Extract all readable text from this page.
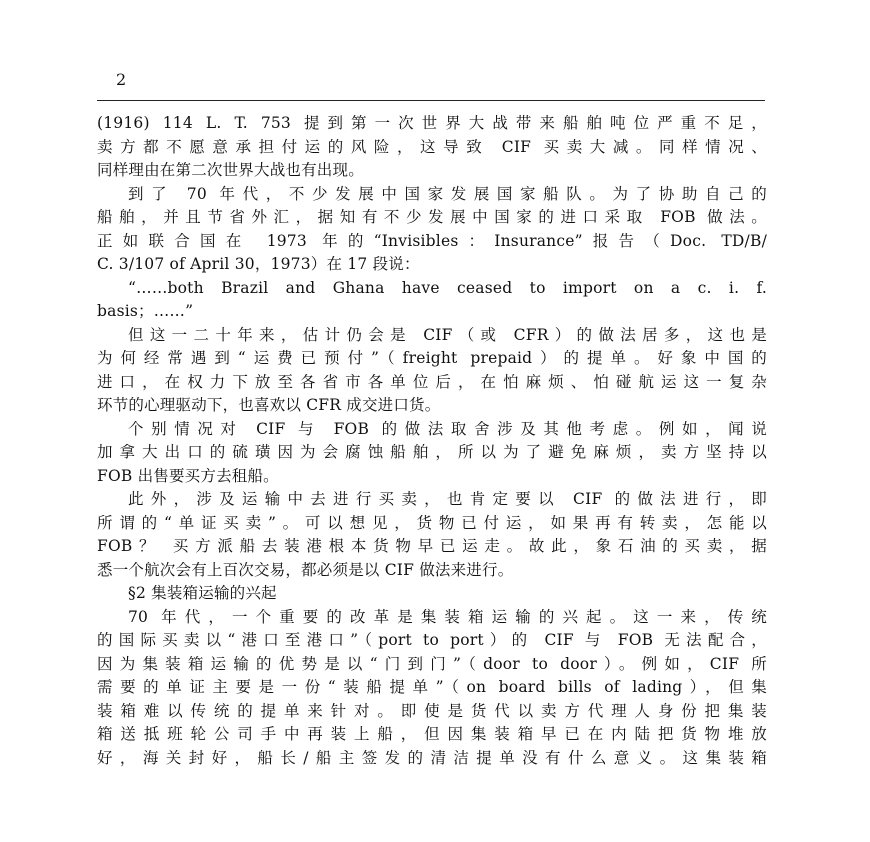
2
(1916) 114 L. T. 753 提到第一次世界大战带来船舶吨位严重不足，
卖方都不愿意承担付运的风险，这导致 CIF 买卖大减。同样情况、
同样理由在第二次世界大战也有出现。
到了 70 年代，不少发展中国家发展国家船队。为了协助自己的
船舶，并且节省外汇，据知有不少发展中国家的进口采取 FOB 做法。
正如联合国在 1973 年的“Invisibles：Insurance”报告（Doc. TD/B/
C. 3/107 of April 30，1973）在 17 段说：
“……both Brazil and Ghana have ceased to import on a c. i. f.
basis；……”
但这一二十年来，估计仍会是 CIF（或 CFR）的做法居多，这也是
为何经常遇到“运费已预付”（freight prepaid）的提单。好象中国的
进口，在权力下放至各省市各单位后，在怕麻烦、怕碰航运这一复杂
环节的心理驱动下，也喜欢以 CFR 成交进口货。
个别情况对 CIF 与 FOB 的做法取舍涉及其他考虑。例如，闻说
加拿大出口的硫璜因为会腐蚀船舶，所以为了避免麻烦，卖方坚持以
FOB 出售要买方去租船。
此外，涉及运输中去进行买卖，也肯定要以 CIF 的做法进行，即
所谓的“单证买卖”。可以想见，货物已付运，如果再有转卖，怎能以
FOB？ 买方派船去装港根本货物早已运走。故此，象石油的买卖，据
悉一个航次会有上百次交易，都必须是以 CIF 做法来进行。
§2 集装箱运输的兴起
70 年代，一个重要的改革是集装箱运输的兴起。这一来，传统
的国际买卖以“港口至港口”（port to port）的 CIF 与 FOB 无法配合，
因为集装箱运输的优势是以“门到门”（door to door）。例如，CIF 所
需要的单证主要是一份“装船提单”（on board bills of lading），但集
装箱难以传统的提单来针对。即使是货代以卖方代理人身份把集装
箱送抵班轮公司手中再装上船，但因集装箱早已在内陆把货物堆放
好，海关封好，船长/船主签发的清洁提单没有什么意义。这集装箱
